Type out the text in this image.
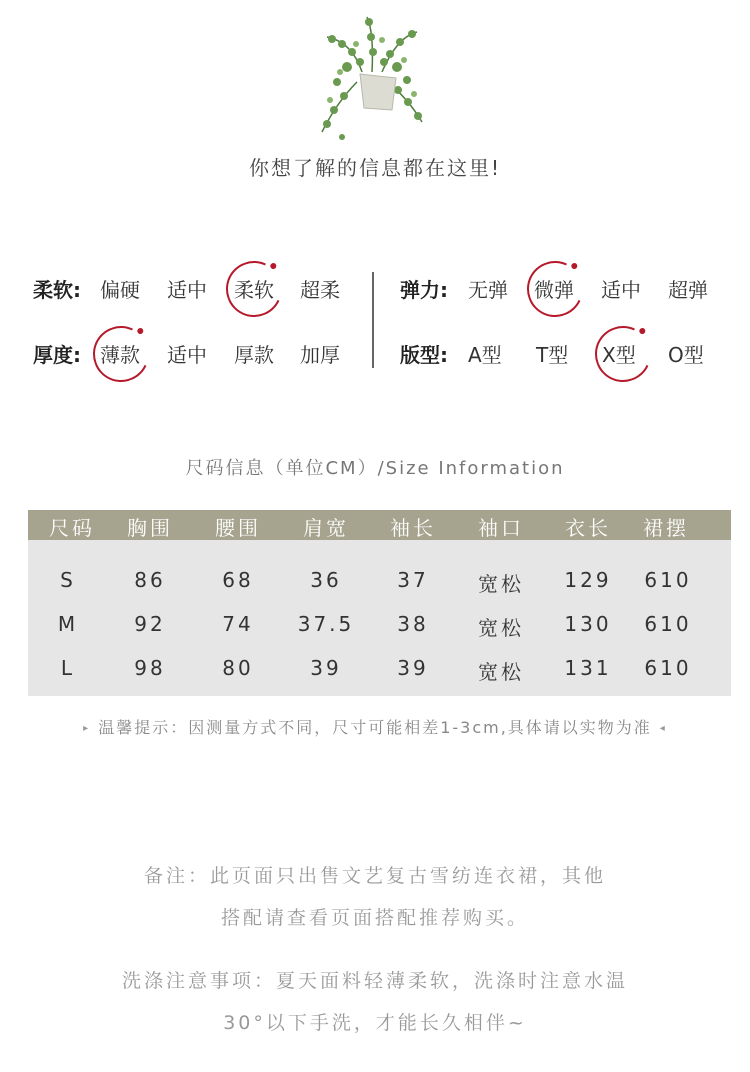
你想了解的信息都在这里!
柔软: 偏硬 适中 柔软 超柔
厚度: 薄款 适中 厚款 加厚
弹力: 无弹 微弹 适中 超弹
版型: A型 T型 X型 O型
尺码信息（单位CM）/Size Information
尺码 胸围 腰围 肩宽 袖长 袖口 衣长 裙摆
S	86	68	36	37 宽松 129 610
M	92	74 37.5 38 宽松 130 610
L	98	80	39	39 宽松 131 610
▸ 温馨提示：因测量方式不同，尺寸可能相差1-3cm,具体请以实物为准 ◂
备注：此页面只出售文艺复古雪纺连衣裙，其他
搭配请查看页面搭配推荐购买。
洗涤注意事项：夏天面料轻薄柔软，洗涤时注意水温
30°以下手洗，才能长久相伴~
